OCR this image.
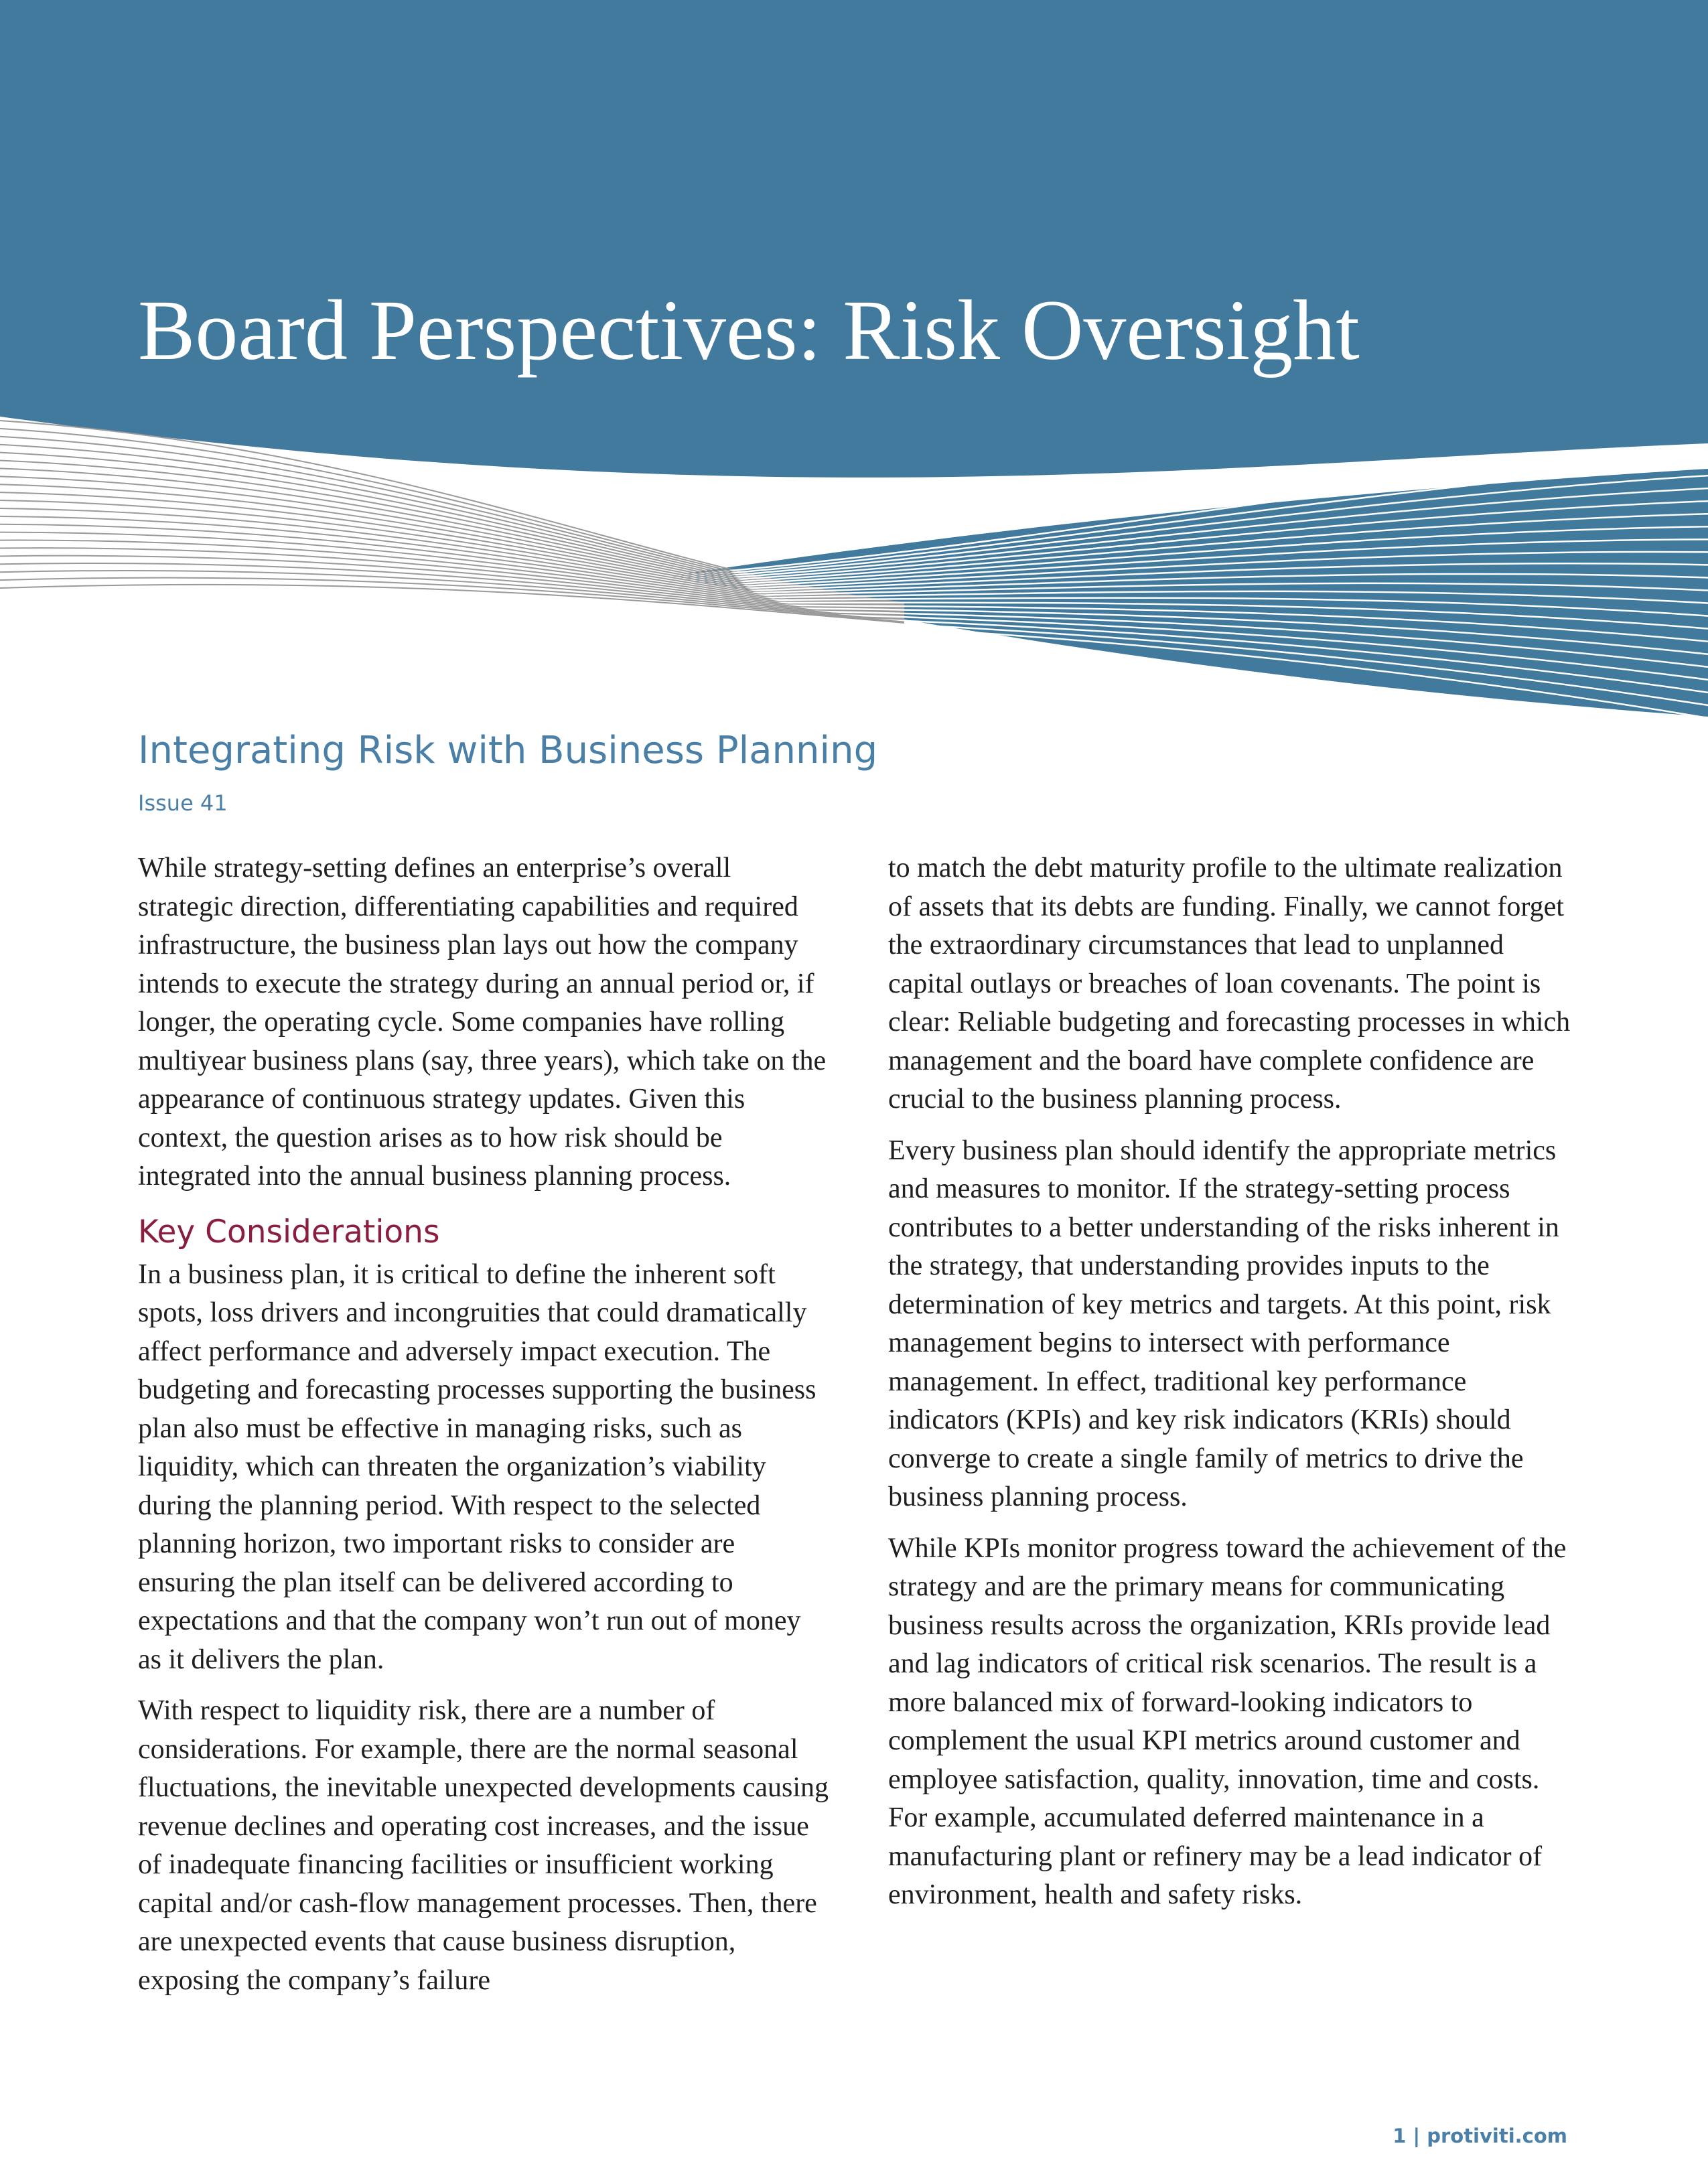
Board Perspectives: Risk Oversight
Integrating Risk with Business Planning
Issue 41

While strategy-setting defines an enterprise’s overall strategic direction, differentiating capabilities and required infrastructure, the business plan lays out how the company intends to execute the strategy during an annual period or, if longer, the operating cycle. Some companies have rolling multiyear business plans (say, three years), which take on the appearance of continuous strategy updates. Given this context, the question arises as to how risk should be integrated into the annual business planning process.

Key Considerations

In a business plan, it is critical to define the inherent soft spots, loss drivers and incongruities that could dramatically affect performance and adversely impact execution. The budgeting and forecasting processes supporting the business plan also must be effective in managing risks, such as liquidity, which can threaten the organization’s viability during the planning period. With respect to the selected planning horizon, two important risks to consider are ensuring the plan itself can be delivered according to expectations and that the company won’t run out of money as it delivers the plan.

With respect to liquidity risk, there are a number of considerations. For example, there are the normal seasonal fluctuations, the inevitable unexpected developments causing revenue declines and operating cost increases, and the issue of inadequate financing facilities or insufficient working capital and/or cash-flow management processes. Then, there are unexpected events that cause business disruption, exposing the company’s failure

to match the debt maturity profile to the ultimate realization of assets that its debts are funding. Finally, we cannot forget the extraordinary circumstances that lead to unplanned capital outlays or breaches of loan covenants. The point is clear: Reliable budgeting and forecasting processes in which management and the board have complete confidence are crucial to the business planning process.

Every business plan should identify the appropriate metrics and measures to monitor. If the strategy-setting process contributes to a better understanding of the risks inherent in the strategy, that understanding provides inputs to the determination of key metrics and targets. At this point, risk management begins to intersect with performance management. In effect, traditional key performance indicators (KPIs) and key risk indicators (KRIs) should converge to create a single family of metrics to drive the business planning process.

While KPIs monitor progress toward the achievement of the strategy and are the primary means for communicating business results across the organization, KRIs provide lead and lag indicators of critical risk scenarios. The result is a more balanced mix of forward-looking indicators to complement the usual KPI metrics around customer and employee satisfaction, quality, innovation, time and costs. For example, accumulated deferred maintenance in a manufacturing plant or refinery may be a lead indicator of environment, health and safety risks.

1 | protiviti.com
